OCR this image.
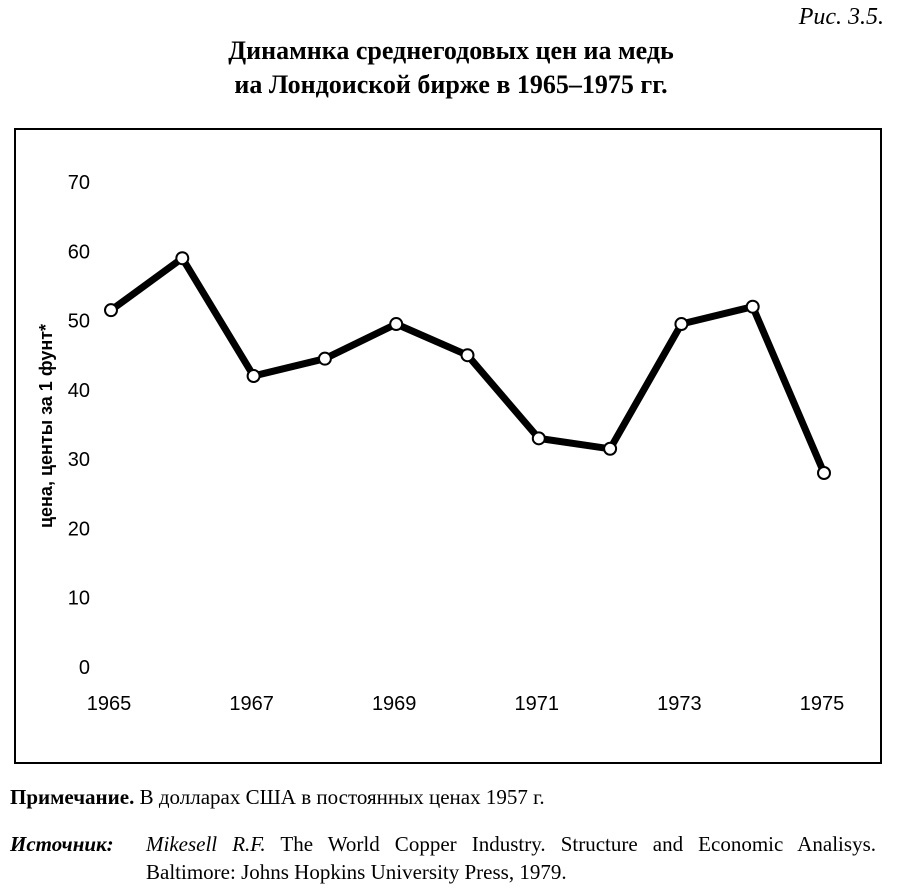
Рис. 3.5.
Динамнка среднегодовых цен иа медь
иа Лондоиской бирже в 1965–1975 гг.
0
10
20
30
40
50
60
70
1965	1967	1969	1971	1973	1975
цена, центы за 1 фунт*
Примечание. В долларах США в постоянных ценах 1957 г.
Источник:	Mikesell R.F. The World Copper Industry. Structure and Economic Analisys. Baltimore: Johns Hopkins University Press, 1979.
